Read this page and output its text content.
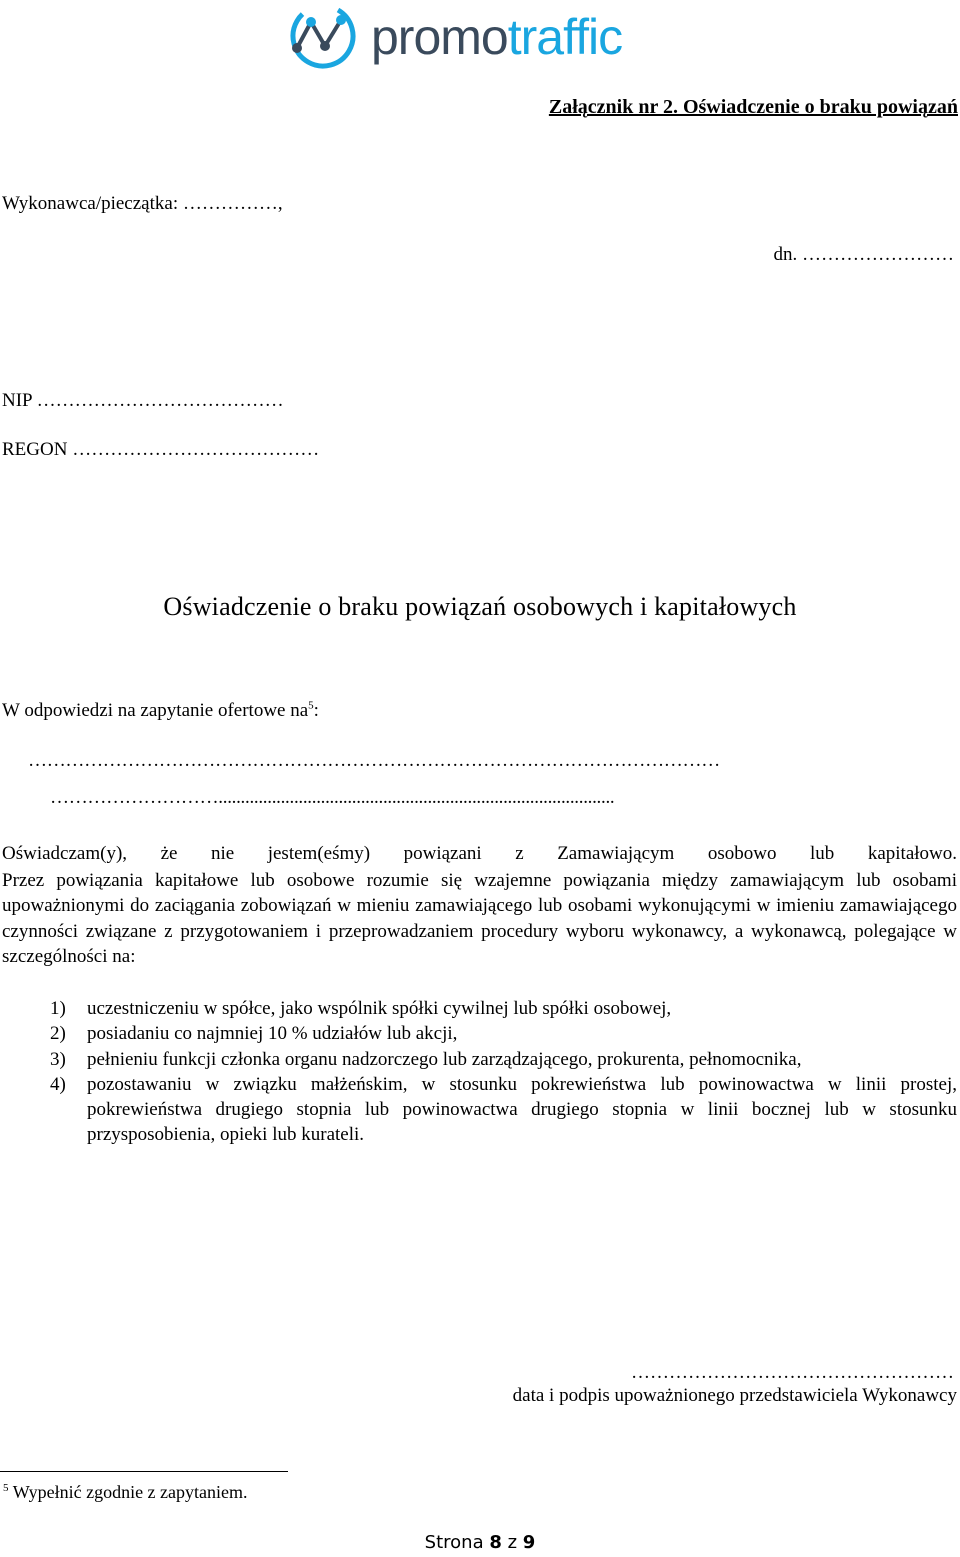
promotraffic
Załącznik nr 2. Oświadczenie o braku powiązań
Wykonawca/pieczątka: ……………,
dn. ……………………
NIP …………………………………
REGON …………………………………
Oświadczenie o braku powiązań osobowych i kapitałowych
W odpowiedzi na zapytanie ofertowe $na^5$:
…………………………………………………………………………………………………
……………………….........................................................................................
Oświadczam(y), że nie jestem(eśmy) powiązani z Zamawiającym osobowo lub kapitałowo.
Przez powiązania kapitałowe lub osobowe rozumie się wzajemne powiązania między zamawiającym lub osobami upoważnionymi do zaciągania zobowiązań w mieniu zamawiającego lub osobami wykonującymi w imieniu zamawiającego czynności związane z przygotowaniem i przeprowadzaniem procedury wyboru wykonawcy, a wykonawcą, polegające w szczególności na:
1)	uczestniczeniu w spółce, jako wspólnik spółki cywilnej lub spółki osobowej,
2)	posiadaniu co najmniej 10 % udziałów lub akcji,
3)	pełnieniu funkcji członka organu nadzorczego lub zarządzającego, prokurenta, pełnomocnika,
4)	pozostawaniu w związku małżeńskim, w stosunku pokrewieństwa lub powinowactwa w linii prostej, pokrewieństwa drugiego stopnia lub powinowactwa drugiego stopnia w linii bocznej lub w stosunku przysposobienia, opieki lub kurateli.
……………………………………………
data i podpis upoważnionego przedstawiciela Wykonawcy
$^5$ Wypełnić zgodnie z zapytaniem.
Strona 8 z 9
